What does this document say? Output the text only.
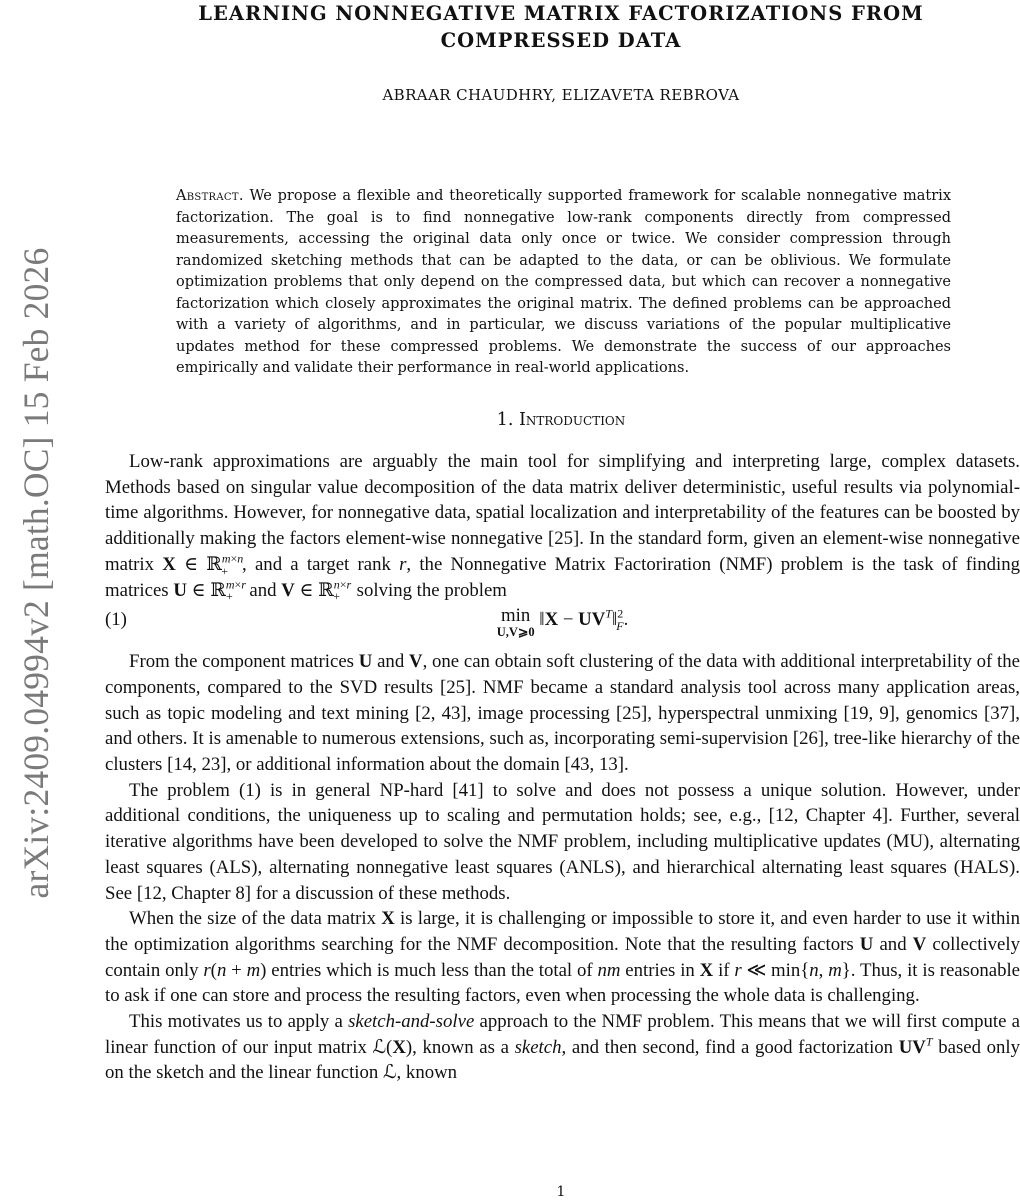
arXiv:2409.04994v2 [math.OC] 15 Feb 2026
LEARNING NONNEGATIVE MATRIX FACTORIZATIONS FROM
COMPRESSED DATA
ABRAAR CHAUDHRY, ELIZAVETA REBROVA
Abstract. We propose a flexible and theoretically supported framework for scalable nonnegative matrix factorization. The goal is to find nonnegative low-rank components directly from compressed measurements, accessing the original data only once or twice. We consider compression through randomized sketching methods that can be adapted to the data, or can be oblivious. We formulate optimization problems that only depend on the compressed data, but which can recover a nonnegative factorization which closely approximates the original matrix. The defined problems can be approached with a variety of algorithms, and in particular, we discuss variations of the popular multiplicative updates method for these compressed problems. We demonstrate the success of our approaches empirically and validate their performance in real-world applications.
1. Introduction

Low-rank approximations are arguably the main tool for simplifying and interpreting large, complex datasets. Methods based on singular value decomposition of the data matrix deliver deterministic, useful results via polynomial-time algorithms. However, for nonnegative data, spatial localization and interpretability of the features can be boosted by additionally making the factors element-wise nonnegative [25]. In the standard form, given an element-wise nonnegative matrix X ∈ ℝ$^{m\times n}_+$ , and a target rank r, the Nonnegative Matrix Factoriration (NMF) problem is the task of finding matrices U ∈ ℝ$^{m\times r}_+$ and V ∈ ℝ$^{n\times r}_+$ solving the problem

(1)	min
U,V⩾0
‖X − $UV^T‖^2_F$.

From the component matrices U and V, one can obtain soft clustering of the data with additional interpretability of the components, compared to the SVD results [25]. NMF became a standard analysis tool across many application areas, such as topic modeling and text mining [2, 43], image processing [25], hyperspectral unmixing [19, 9], genomics [37], and others. It is amenable to numerous extensions, such as, incorporating semi-supervision [26], tree-like hierarchy of the clusters [14, 23], or additional information about the domain [43, 13].

The problem (1) is in general NP-hard [41] to solve and does not possess a unique solution. However, under additional conditions, the uniqueness up to scaling and permutation holds; see, e.g., [12, Chapter 4]. Further, several iterative algorithms have been developed to solve the NMF problem, including multiplicative updates (MU), alternating least squares (ALS), alternating nonnegative least squares (ANLS), and hierarchical alternating least squares (HALS). See [12, Chapter 8] for a discussion of these methods.

When the size of the data matrix X is large, it is challenging or impossible to store it, and even harder to use it within the optimization algorithms searching for the NMF decomposition. Note that the resulting factors U and V collectively contain only r(n + m) entries which is much less than the total of nm entries in X if r ≪ min{n, m}. Thus, it is reasonable to ask if one can store and process the resulting factors, even when processing the whole data is challenging.

This motivates us to apply a sketch-and-solve approach to the NMF problem. This means that we will first compute a linear function of our input matrix ℒ(X), known as a sketch, and then second, find a good factorization $UV^T$ based only on the sketch and the linear function ℒ, known

1
